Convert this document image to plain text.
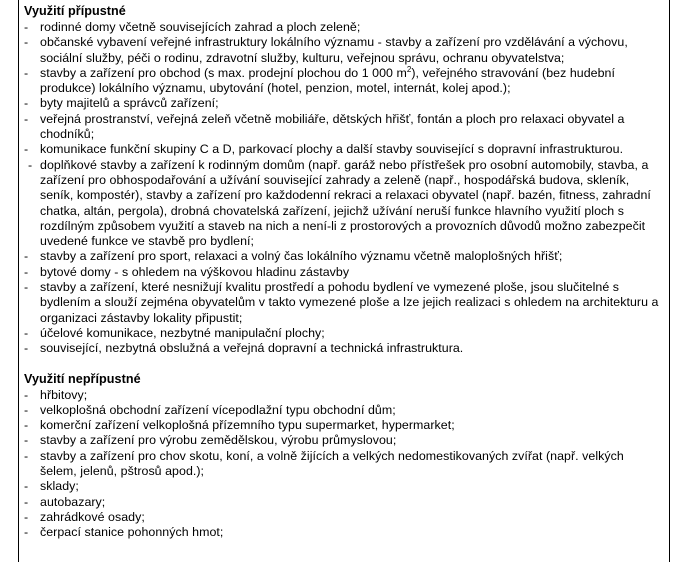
Využití přípustné
- rodinné domy včetně souvisejících zahrad a ploch zeleně;
- občanské vybavení veřejné infrastruktury lokálního významu - stavby a zařízení pro vzdělávání a výchovu, sociální služby, péči o rodinu, zdravotní služby, kulturu, veřejnou správu, ochranu obyvatelstva;
- stavby a zařízení pro obchod (s max. prodejní plochou do 1 000 $m^2$), veřejného stravování (bez hudební produkce) lokálního významu, ubytování (hotel, penzion, motel, internát, kolej apod.);
- byty majitelů a správců zařízení;
- veřejná prostranství, veřejná zeleň včetně mobiliáře, dětských hřišť, fontán a ploch pro relaxaci obyvatel a chodníků;
- komunikace funkční skupiny C a D, parkovací plochy a další stavby související s dopravní infrastrukturou.
- doplňkové stavby a zařízení k rodinným domům (např. garáž nebo přístřešek pro osobní automobily, stavba, a zařízení pro obhospodařování a užívání související zahrady a zeleně (např., hospodářská budova, skleník, seník, kompostér), stavby a zařízení pro každodenní rekraci a relaxaci obyvatel (např. bazén, fitness, zahradní chatka, altán, pergola), drobná chovatelská zařízení, jejichž užívání neruší funkce hlavního využití ploch s rozdílným způsobem využití a staveb na nich a není-li z prostorových a provozních důvodů možno zabezpečit uvedené funkce ve stavbě pro bydlení;
- stavby a zařízení pro sport, relaxaci a volný čas lokálního významu včetně maloplošných hřišť;
- bytové domy - s ohledem na výškovou hladinu zástavby
- stavby a zařízení, které nesnižují kvalitu prostředí a pohodu bydlení ve vymezené ploše, jsou slučitelné s bydlením a slouží zejména obyvatelům v takto vymezené ploše a lze jejich realizaci s ohledem na architekturu a organizaci zástavby lokality připustit;
- účelové komunikace, nezbytné manipulační plochy;
- související, nezbytná obslužná a veřejná dopravní a technická infrastruktura.
Využití nepřípustné
- hřbitovy;
- velkoplošná obchodní zařízení vícepodlažní typu obchodní dům;
- komerční zařízení velkoplošná přízemního typu supermarket, hypermarket;
- stavby a zařízení pro výrobu zemědělskou, výrobu průmyslovou;
- stavby a zařízení pro chov skotu, koní, a volně žijících a velkých nedomestikovaných zvířat (např. velkých šelem, jelenů, pštrosů apod.);
- sklady;
- autobazary;
- zahrádkové osady;
- čerpací stanice pohonných hmot;
